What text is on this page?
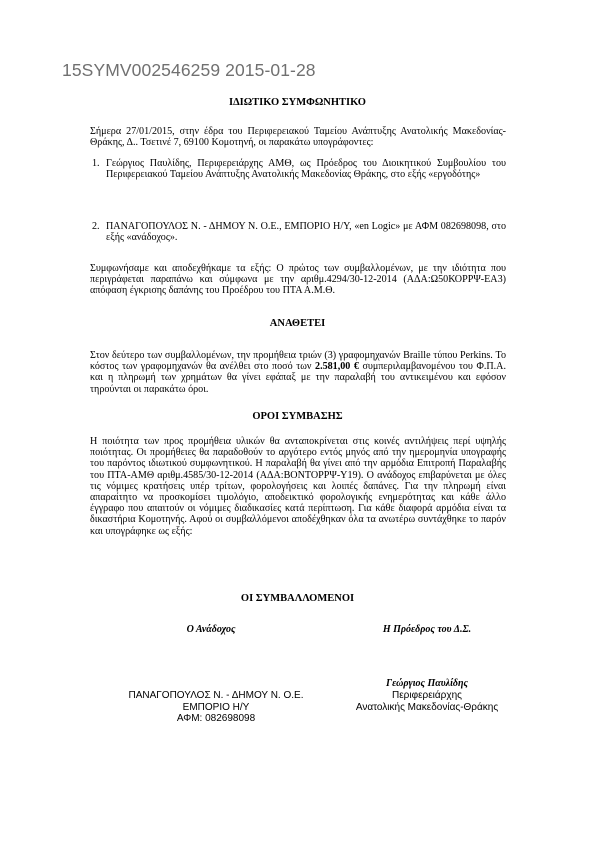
15SYMV002546259 2015-01-28
ΙΔΙΩΤΙΚΟ ΣΥΜΦΩΝΗΤΙΚΟ
Σήμερα 27/01/2015, στην έδρα του Περιφερειακού Ταμείου Ανάπτυξης Ανατολικής Μακεδονίας-Θράκης, Δ.. Τσετινέ 7, 69100 Κομοτηνή, οι παρακάτω υπογράφοντες:
1. Γεώργιος Παυλίδης, Περιφερειάρχης ΑΜΘ, ως Πρόεδρος του Διοικητικού Συμβουλίου του Περιφερειακού Ταμείου Ανάπτυξης Ανατολικής Μακεδονίας Θράκης, στο εξής «εργοδότης»
2. ΠΑΝΑΓΟΠΟΥΛΟΣ Ν. - ΔΗΜΟΥ Ν. Ο.Ε., ΕΜΠΟΡΙΟ Η/Υ, «en Logic» με ΑΦΜ 082698098, στο εξής «ανάδοχος».
Συμφωνήσαμε και αποδεχθήκαμε τα εξής: Ο πρώτος των συμβαλλομένων, με την ιδιότητα που περιγράφεται παραπάνω και σύμφωνα με την αριθμ.4294/30-12-2014 (ΑΔΑ:Ω50ΚΟΡΡΨ-ΕΑ3) απόφαση έγκρισης δαπάνης του Προέδρου του ΠΤΑ Α.Μ.Θ.
ΑΝΑΘΕΤΕΙ
Στον δεύτερο των συμβαλλομένων, την προμήθεια τριών (3) γραφομηχανών Braille τύπου Perkins. Το κόστος των γραφομηχανών θα ανέλθει στο ποσό των 2.581,00 € συμπεριλαμβανομένου του Φ.Π.Α. και η πληρωμή των χρημάτων θα γίνει εφάπαξ με την παραλαβή του αντικειμένου και εφόσον τηρούνται οι παρακάτω όροι.
ΟΡΟΙ ΣΥΜΒΑΣΗΣ
Η ποιότητα των προς προμήθεια υλικών θα ανταποκρίνεται στις κοινές αντιλήψεις περί υψηλής ποιότητας. Οι προμήθειες θα παραδοθούν το αργότερο εντός μηνός από την ημερομηνία υπογραφής του παρόντος ιδιωτικού συμφωνητικού. Η παραλαβή θα γίνει από την αρμόδια Επιτροπή Παραλαβής του ΠΤΑ-ΑΜΘ αριθμ.4585/30-12-2014 (ΑΔΑ:ΒΟΝΤΟΡΡΨ-Υ19). Ο ανάδοχος επιβαρύνεται με όλες τις νόμιμες κρατήσεις υπέρ τρίτων, φορολογήσεις και λοιπές δαπάνες. Για την πληρωμή είναι απαραίτητο να προσκομίσει τιμολόγιο, αποδεικτικό φορολογικής ενημερότητας και κάθε άλλο έγγραφο που απαιτούν οι νόμιμες διαδικασίες κατά περίπτωση. Για κάθε διαφορά αρμόδια είναι τα δικαστήρια Κομοτηνής. Αφού οι συμβαλλόμενοι αποδέχθηκαν όλα τα ανωτέρω συντάχθηκε το παρόν και υπογράφηκε ως εξής:
ΟΙ ΣΥΜΒΑΛΛΟΜΕΝΟΙ
Ο Ανάδοχος	Η Πρόεδρος του Δ.Σ.
Γεώργιος Παυλίδης
Περιφερειάρχης
Ανατολικής Μακεδονίας-Θράκης
ΠΑΝΑΓΟΠΟΥΛΟΣ Ν. - ΔΗΜΟΥ Ν. Ο.Ε.
ΕΜΠΟΡΙΟ Η/Υ
ΑΦΜ: 082698098
